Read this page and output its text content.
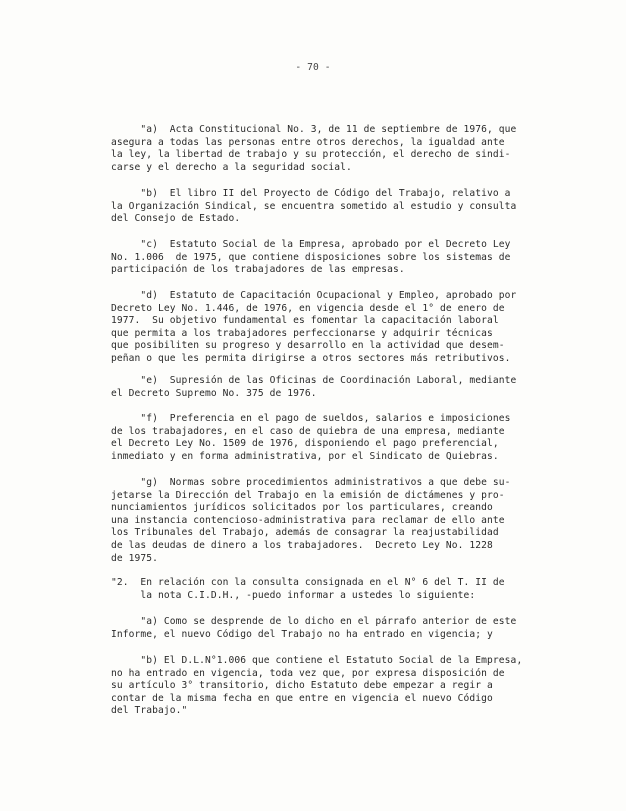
- 70 -
"a)  Acta Constitucional No. 3, de 11 de septiembre de 1976, que
asegura a todas las personas entre otros derechos, la igualdad ante
la ley, la libertad de trabajo y su protección, el derecho de sindi-
carse y el derecho a la seguridad social.
"b)  El libro II del Proyecto de Código del Trabajo, relativo a
la Organización Sindical, se encuentra sometido al estudio y consulta
del Consejo de Estado.
"c)  Estatuto Social de la Empresa, aprobado por el Decreto Ley
No. 1.006  de 1975, que contiene disposiciones sobre los sistemas de
participación de los trabajadores de las empresas.
"d)  Estatuto de Capacitación Ocupacional y Empleo, aprobado por
Decreto Ley No. 1.446, de 1976, en vigencia desde el 1° de enero de
1977.  Su objetivo fundamental es fomentar la capacitación laboral
que permita a los trabajadores perfeccionarse y adquirir técnicas
que posibiliten su progreso y desarrollo en la actividad que desem-
peñan o que les permita dirigirse a otros sectores más retributivos.
"e)  Supresión de las Oficinas de Coordinación Laboral, mediante
el Decreto Supremo No. 375 de 1976.
"f)  Preferencia en el pago de sueldos, salarios e imposiciones
de los trabajadores, en el caso de quiebra de una empresa, mediante
el Decreto Ley No. 1509 de 1976, disponiendo el pago preferencial,
inmediato y en forma administrativa, por el Sindicato de Quiebras.
"g)  Normas sobre procedimientos administrativos a que debe su-
jetarse la Dirección del Trabajo en la emisión de dictámenes y pro-
nunciamientos jurídicos solicitados por los particulares, creando
una instancia contencioso-administrativa para reclamar de ello ante
los Tribunales del Trabajo, además de consagrar la reajustabilidad
de las deudas de dinero a los trabajadores.  Decreto Ley No. 1228
de 1975.
"2.  En relación con la consulta consignada en el N° 6 del T. II de
la nota C.I.D.H., -puedo informar a ustedes lo siguiente:
"a) Como se desprende de lo dicho en el párrafo anterior de este
Informe, el nuevo Código del Trabajo no ha entrado en vigencia; y
"b) El D.L.N°1.006 que contiene el Estatuto Social de la Empresa,
no ha entrado en vigencia, toda vez que, por expresa disposición de
su artículo 3° transitorio, dicho Estatuto debe empezar a regir a
contar de la misma fecha en que entre en vigencia el nuevo Código
del Trabajo."
